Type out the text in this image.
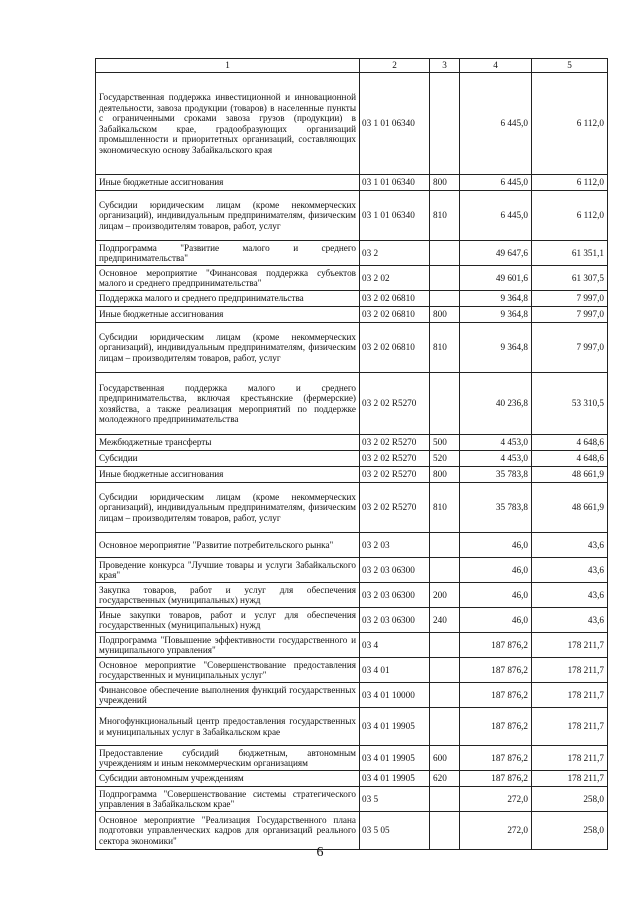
1	2	3	4	5
Государственная поддержка инвестиционной и инновационной деятельности, завоза продукции (товаров) в населенные пункты с ограниченными сроками завоза грузов (продукции) в Забайкальском крае, градообразующих организаций промышленности и приоритетных организаций, составляющих экономическую основу Забайкальского края	03 1 01 06340		6 445,0	6 112,0
Иные бюджетные ассигнования	03 1 01 06340	800	6 445,0	6 112,0
Субсидии юридическим лицам (кроме некоммерческих организаций), индивидуальным предпринимателям, физическим лицам – производителям товаров, работ, услуг	03 1 01 06340	810	6 445,0	6 112,0
Подпрограмма "Развитие малого и среднего предпринимательства"	03 2		49 647,6	61 351,1
Основное мероприятие "Финансовая поддержка субъектов малого и среднего предпринимательства"	03 2 02		49 601,6	61 307,5
Поддержка малого и среднего предпринимательства	03 2 02 06810		9 364,8	7 997,0
Иные бюджетные ассигнования	03 2 02 06810	800	9 364,8	7 997,0
Субсидии юридическим лицам (кроме некоммерческих организаций), индивидуальным предпринимателям, физическим лицам – производителям товаров, работ, услуг	03 2 02 06810	810	9 364,8	7 997,0
Государственная поддержка малого и среднего предпринимательства, включая крестьянские (фермерские) хозяйства, а также реализация мероприятий по поддержке молодежного предпринимательства	03 2 02 R5270		40 236,8	53 310,5
Межбюджетные трансферты	03 2 02 R5270	500	4 453,0	4 648,6
Субсидии	03 2 02 R5270	520	4 453,0	4 648,6
Иные бюджетные ассигнования	03 2 02 R5270	800	35 783,8	48 661,9
Субсидии юридическим лицам (кроме некоммерческих организаций), индивидуальным предпринимателям, физическим лицам – производителям товаров, работ, услуг	03 2 02 R5270	810	35 783,8	48 661,9
Основное мероприятие "Развитие потребительского рынка"	03 2 03		46,0	43,6
Проведение конкурса "Лучшие товары и услуги Забайкальского края"	03 2 03 06300		46,0	43,6
Закупка товаров, работ и услуг для обеспечения государственных (муниципальных) нужд	03 2 03 06300	200	46,0	43,6
Иные закупки товаров, работ и услуг для обеспечения государственных (муниципальных) нужд	03 2 03 06300	240	46,0	43,6
Подпрограмма "Повышение эффективности государственного и муниципального управления"	03 4		187 876,2	178 211,7
Основное мероприятие "Совершенствование предоставления государственных и муниципальных услуг"	03 4 01		187 876,2	178 211,7
Финансовое обеспечение выполнения функций государственных учреждений	03 4 01 10000		187 876,2	178 211,7
Многофункциональный центр предоставления государственных и муниципальных услуг в Забайкальском крае	03 4 01 19905		187 876,2	178 211,7
Предоставление субсидий бюджетным, автономным учреждениям и иным некоммерческим организациям	03 4 01 19905	600	187 876,2	178 211,7
Субсидии автономным учреждениям	03 4 01 19905	620	187 876,2	178 211,7
Подпрограмма "Совершенствование системы стратегического управления в Забайкальском крае"	03 5		272,0	258,0
Основное мероприятие "Реализация Государственного плана подготовки управленческих кадров для организаций реального сектора экономики"	03 5 05		272,0	258,0
6
